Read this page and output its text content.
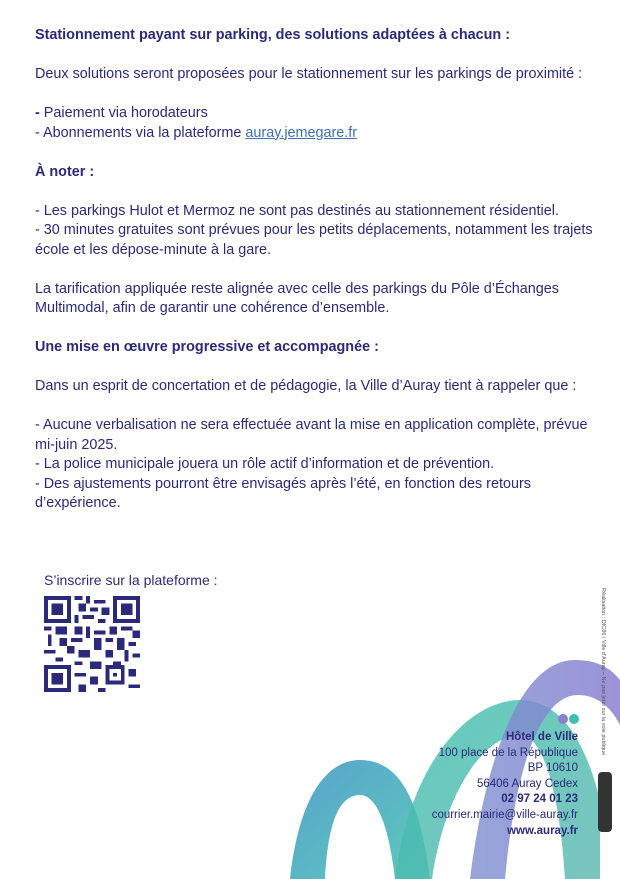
Stationnement payant sur parking, des solutions adaptées à chacun :

Deux solutions seront proposées pour le stationnement sur les parkings de proximité :

- Paiement via horodateurs

- Abonnements via la plateforme auray.jemegare.fr

À noter :

- Les parkings Hulot et Mermoz ne sont pas destinés au stationnement résidentiel.

- 30 minutes gratuites sont prévues pour les petits déplacements, notamment les trajets école et les dépose-minute à la gare.

La tarification appliquée reste alignée avec celle des parkings du Pôle d’Échanges Multimodal, afin de garantir une cohérence d’ensemble.

Une mise en œuvre progressive et accompagnée :

Dans un esprit de concertation et de pédagogie, la Ville d’Auray tient à rappeler que :

- Aucune verbalisation ne sera effectuée avant la mise en application complète, prévue mi-juin 2025.

- La police municipale jouera un rôle actif d’information et de prévention.

- Des ajustements pourront être envisagés après l’été, en fonction des retours d’expérience.

S’inscrire sur la plateforme :
Hôtel de Ville
100 place de la République
BP 10610
56406 Auray Cedex
02 97 24 01 23
courrier.mairie@ville-auray.fr
www.auray.fr
Réalisation : DIC86 / Ville d’Auray – Ne pas jeter sur la voie publique
